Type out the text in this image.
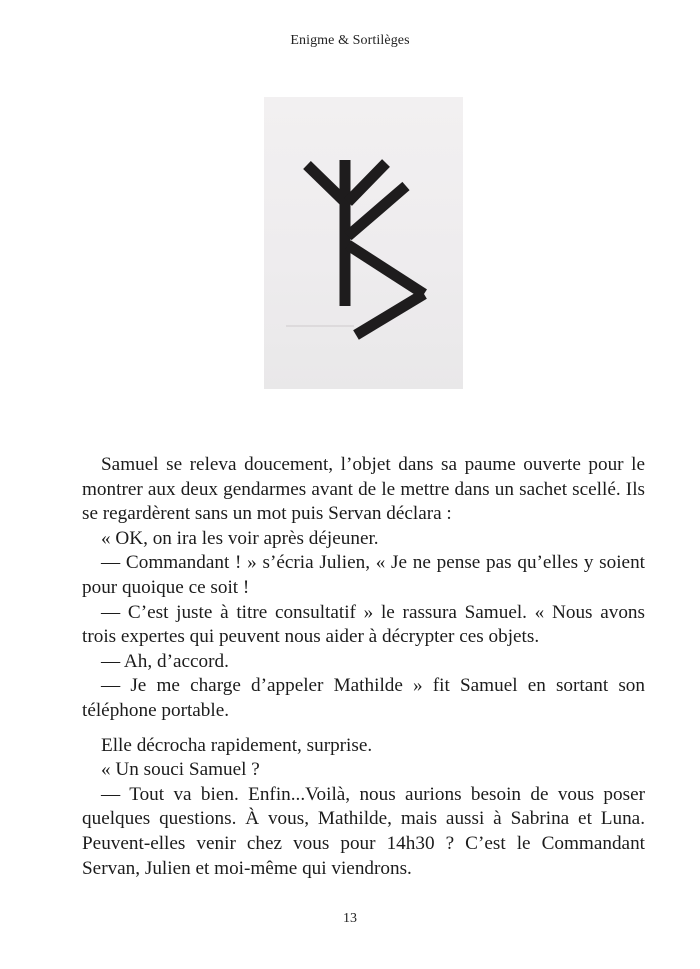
Enigme & Sortilèges

Samuel se releva doucement, l’objet dans sa paume ouverte pour le montrer aux deux gendarmes avant de le mettre dans un sachet scellé. Ils se regardèrent sans un mot puis Servan déclara :

« OK, on ira les voir après déjeuner.

— Commandant ! » s’écria Julien, « Je ne pense pas qu’elles y soient pour quoique ce soit !

— C’est juste à titre consultatif » le rassura Samuel. « Nous avons trois expertes qui peuvent nous aider à décrypter ces objets.

— Ah, d’accord.

— Je me charge d’appeler Mathilde » fit Samuel en sortant son téléphone portable.

Elle décrocha rapidement, surprise.

« Un souci Samuel ?

— Tout va bien. Enfin...Voilà, nous aurions besoin de vous poser quelques questions. À vous, Mathilde, mais aussi à Sabrina et Luna. Peuvent-elles venir chez vous pour 14h30 ? C’est le Commandant Servan, Julien et moi-même qui viendrons.

13
